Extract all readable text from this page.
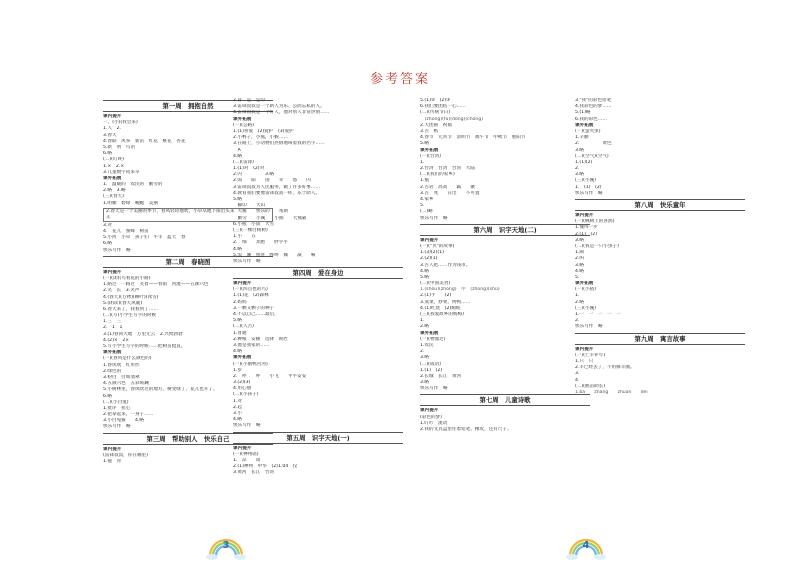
参考答案
第一周　拥抱自然
课内提升
一、(小)(我会来)
1.人　2.
3.春天
4.春联　风筝　新苗　红花　桃花　杏花
5.新　明　鸟语
6.略
(二)(叮咚)
1.×　2.×
3.儿童数字问来早
课外拓展
1.　温暖的　农民的　勤劳的
2.略　3.略
(三)(春天)
1.明媚　碧绿　蜿蜒　美丽
2.春天是一个美丽的季节，春风轻轻地吹，小草从地下探出头来
正
3.对
4.　花儿　蜜蜂　树苗
5.小河　小草　孩子们　牛羊　蓝天　春
6.略
快乐写作　略
第二周　春晓图
课内提升
(一)(闭)(鸟看花的小路)
1.路过　一路过　笑着——春雨　河流——五颜六色
2.笑　长　3.笑声
4.(春天)(万物)(柳叶)(冰雪)
5.(朗读)(春天风暖)
6.春天来了，我看到了……
(二)(写)小学生写字的时候
1.三　三
2.　1　1
3.(1)春回大地　万里无云　2.兴致勃勃
4.(2)×　2×
5.写小学生写字的时候……把树苗挺直。
课外拓展
(一)(春风是什么颜色的)
1.春风吹　红形形
2.绿色的
3.粉白　白如翡翠
4.五颜六色　五彩斑斓
5.小树林里，春风吹过的地方，树变绿了，花儿也开了。
6.略
(二)(小白兔)
1.批评　担心
2.把拿起来，一身子……
3.小白兔拔　　4.略
快乐写作　略
第三周　帮助别人　快乐自己
课内提升
(雷锋叔叔，你在哪里)
1.拖　背
2.冒　足　足印
3.雷锋叔叔是一个助人为乐、公而忘私的人。
4.雷锋叔叔是一个好人，他对别人非常热情……
课外拓展
(一)(公路)
1.(1)喜爱　(2)爱护　(3)爱护
2.小鸭子，小熊，小猴……
3.在路上，小动物们热情地叫着我的名字……
　A
4.略
(二)(雷锋)
1.(1)对　(2)对
2.闪　　　　　3.略
2.国　　阳　　国　　幸　　悠　　闪
3.雷锋叔叔为人民服务，做了许多好事……
4.教育我们要像雷锋叔叔一样，乐于助人。
5.略
　脚印　　大山
　大雁　　快乐的　　帮助
　勤劳　　小溪　　小熊　　大熊猫
6.小熊　小雨　大雪
(三)(一棵白杨树)
1.小　　五
2.　细　　奔跑　　胖乎乎
4.略
5.浪　潮　照进　哗哗　佩　　减　　嗬
快乐写作　略
第四周　爱在身边
课内提升
(一)(四点也的鸟)
1.(1)花　(2)森林
2.妈妈
3.一颗又颗子的种子
4.不以自己……最后，
5.略
(二)(人舌)
1.普通
2.种粮　安顿　选择　锁匠
3.他是我家的……
4.略
课外拓展
(一)(小鹤鸭宫河)
1.岁
2.　呼　　呼　　小飞　　平平安安
3.(2)(3)
4.用心感
(二)(小孩子)
1.对
2.起　　　　　　
3.小　　　　　　
4.略
快乐写作　略
第五周　识字天地(一)
课内提升
(一)(神州谣)
1.　凉　　谈
2.(1)神州　中华　(2)1.04　仪
3.黄河　长江　台湾
5.(1)②　(2)③
6.我们要团结一心……
(二)(传统节日)
　(zhōng)(fǔ)(dòng)(chōng)
2.大团圆　祝福
3.古　纸
4.春节　元宵节　清明节　端午节　中秋节　重阳节
5.略
课外拓展
(一)(台湾)
1.　　　
2.台湾　台湾　台湾　大陆
(二)(我们的家乡)
1.瓶
2.古岩　高高　　霸　　聚
3.古　兆　　日出　　不可置
4.家乡
5.　　　
(二)略
快乐写作　略
第六周　识字天地(二)
课内提升
(一)("贝"的故事)
1.(3)(2)(1)
2.(2)(1)
3.古人把……作为钱币。
4.略
5.略
(二)(中国美食)
1.(shǒu)(zhōng)　中　(zhōng)(shú)
2.(1)芋　　(2)　　
3.蒸菜，炒菜，烤鸭……
4.(1)红烧　(2)焖炖
(三)(我爱故乡的杨梅)
1.　　　
2.略
课外拓展
(一)(物鼎过)
1.农民　　
2.　　
3.略
(二)(成语)
1.(1)　(2)
2.长城　长江　黄河
3.略
快乐写作　略
第七周　儿童诗歌
课内提升
(彩色的梦)
1.叮咛　流动
2.我的文具盒里住着铅笔、橡皮，还有尺子。
3."我"的彩色铅笔
4.我彩色的梦……
5.(1)略
6.我的彩色……
课外拓展
(一)(萤火虫)
1.辛勤
2.　　　　　黄色
3.略
(二)(空气)(空气)
1.(1)(2)
2.　　　
3.略
(三)(小溪)
1.　(1)　(2)　
快乐写作　略
第八周　快乐童年
课内提升
(一)(枫树上的喜鹊)
1.懂得一步
2.(1)　(2)
3.略
(二)(我是一只小虫子)
1.闹
2.叫　　
3.略
4.略
5.　　
课外拓展
(一)(小猪)
1.　　
2.略
(三)(小溪)
1.一　一　一　一　一
2.　　
快乐写作　略
第九周　寓言故事
课内提升
(一)(亡羊补牢)
1.只　只
2.羊已经丢了，不用修羊圈。
3.　　
4.　　
(二)(揠苗助长)
1.bá　　zhǎng　　zhuān　　děi
3	4
